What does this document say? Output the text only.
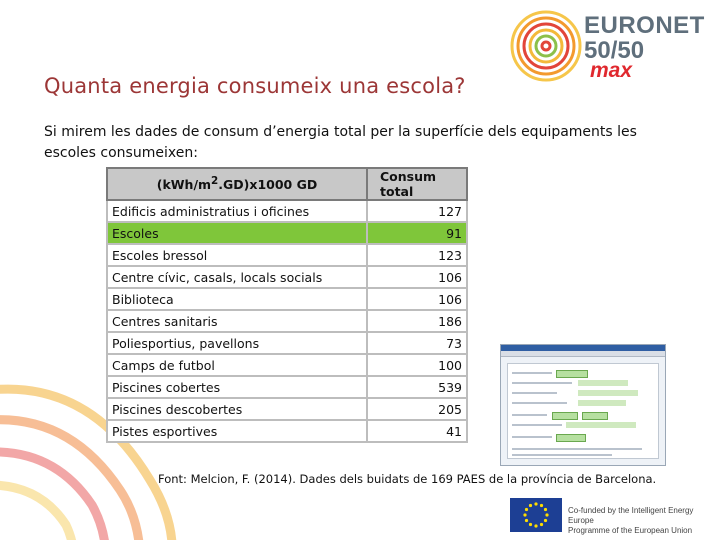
EURONET
50/50
max
Quanta energia consumeix una escola?
Si mirem les dades de consum d’energia total per la superfície dels equipaments les escoles consumeixen:
$(kWh/m^2.GD)x1000$ GD	Consum total
Edificis administratius i oficines	127
Escoles	91
Escoles bressol	123
Centre cívic, casals, locals socials	106
Biblioteca	106
Centres sanitaris	186
Poliesportius, pavellons	73
Camps de futbol	100
Piscines cobertes	539
Piscines descobertes	205
Pistes esportives	41
Font: Melcion, F. (2014). Dades dels buidats de 169 PAES de la província de Barcelona.
Co-funded by the Intelligent Energy Europe
Programme of the European Union
